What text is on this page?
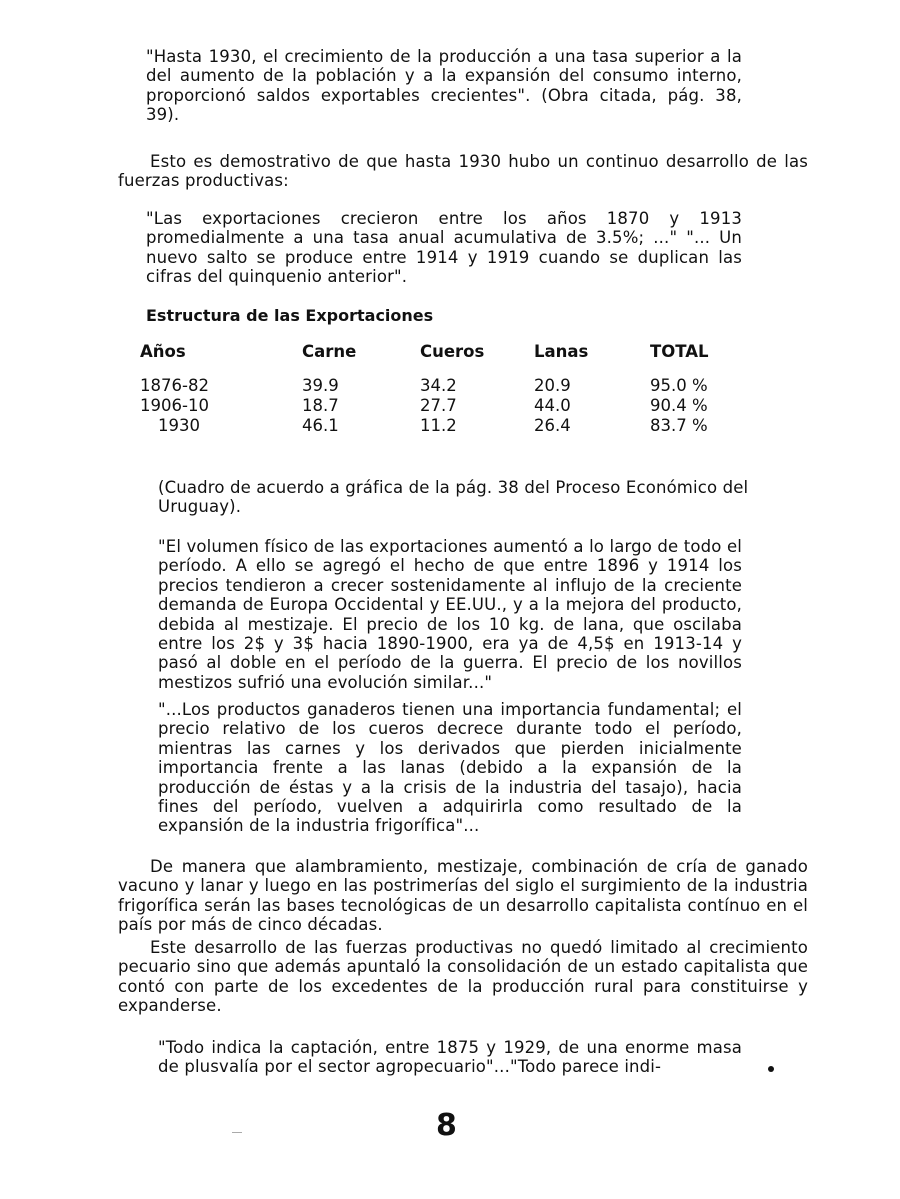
"Hasta 1930, el crecimiento de la producción a una tasa superior a la del aumento de la población y a la expansión del consumo interno, proporcionó saldos exportables crecientes". (Obra citada, pág. 38, 39).

Esto es demostrativo de que hasta 1930 hubo un continuo desarrollo de las fuerzas productivas:

"Las exportaciones crecieron entre los años 1870 y 1913 promedialmente a una tasa anual acumulativa de 3.5%; ..." "... Un nuevo salto se produce entre 1914 y 1919 cuando se duplican las cifras del quinquenio anterior".

Estructura de las Exportaciones
Años	Carne	Cueros	Lanas	TOTAL
1876-82	39.9	34.2	20.9	95.0 %
1906-10	18.7	27.7	44.0	90.4 %
1930	46.1	11.2	26.4	83.7 %

(Cuadro de acuerdo a gráfica de la pág. 38 del Proceso Económico del Uruguay).

"El volumen físico de las exportaciones aumentó a lo largo de todo el período. A ello se agregó el hecho de que entre 1896 y 1914 los precios tendieron a crecer sostenidamente al influjo de la creciente demanda de Europa Occidental y EE.UU., y a la mejora del producto, debida al mestizaje. El precio de los 10 kg. de lana, que oscilaba entre los 2$ y 3$ hacia 1890-1900, era ya de 4,5$ en 1913-14 y pasó al doble en el período de la guerra. El precio de los novillos mestizos sufrió una evolución similar..."

"...Los productos ganaderos tienen una importancia fundamental; el precio relativo de los cueros decrece durante todo el período, mientras las carnes y los derivados que pierden inicialmente importancia frente a las lanas (debido a la expansión de la producción de éstas y a la crisis de la industria del tasajo), hacia fines del período, vuelven a adquirirla como resultado de la expansión de la industria frigorífica"...

De manera que alambramiento, mestizaje, combinación de cría de ganado vacuno y lanar y luego en las postrimerías del siglo el surgimiento de la industria frigorífica serán las bases tecnológicas de un desarrollo capitalista contínuo en el país por más de cinco décadas.

Este desarrollo de las fuerzas productivas no quedó limitado al crecimiento pecuario sino que además apuntaló la consolidación de un estado capitalista que contó con parte de los excedentes de la producción rural para constituirse y expanderse.

"Todo indica la captación, entre 1875 y 1929, de una enorme masa de plusvalía por el sector agropecuario"..."Todo parece indi-

8
